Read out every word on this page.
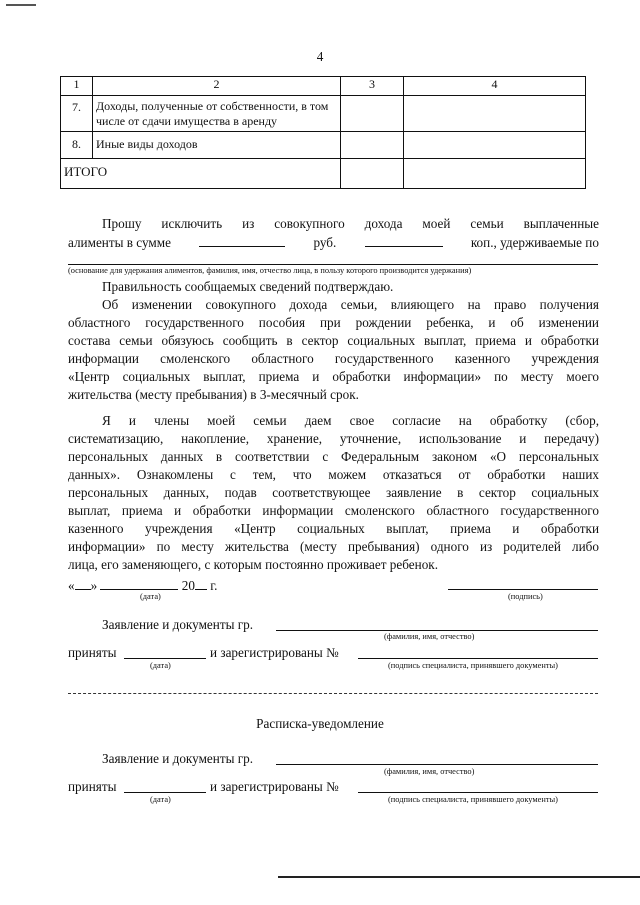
4
1	2	3	4
7.	Доходы, полученные от собственности, в том числе от сдачи имущества в аренду		
8.	Иные виды доходов		
ИТОГО			
Прошу исключить из совокупного дохода моей семьи выплаченные
алименты в сумме	руб.	коп., удерживаемые по
(основание для удержания алиментов, фамилия, имя, отчество лица, в пользу которого производится удержания)
Правильность сообщаемых сведений подтверждаю.
Об изменении совокупного дохода семьи, влияющего на право получения
областного государственного пособия при рождении ребенка, и об изменении
состава семьи обязуюсь сообщить в сектор социальных выплат, приема и обработки
информации смоленского областного государственного казенного учреждения
«Центр социальных выплат, приема и обработки информации» по месту моего
жительства (месту пребывания) в 3-месячный срок.
Я и члены моей семьи даем свое согласие на обработку (сбор,
систематизацию, накопление, хранение, уточнение, использование и передачу)
персональных данных в соответствии с Федеральным законом «О персональных
данных». Ознакомлены с тем, что можем отказаться от обработки наших
персональных данных, подав соответствующее заявление в сектор социальных
выплат, приема и обработки информации смоленского областного государственного
казенного учреждения «Центр социальных выплат, приема и обработки
информации» по месту жительства (месту пребывания) одного из родителей либо
лица, его заменяющего, с которым постоянно проживает ребенок.
« »	20 г.
(дата)	(подпись)
Заявление и документы гр.
(фамилия, имя, отчество)
приняты	и зарегистрированы №
(дата)	(подпись специалиста, принявшего документы)
Расписка-уведомление
Заявление и документы гр.
(фамилия, имя, отчество)
приняты	и зарегистрированы №
(дата)	(подпись специалиста, принявшего документы)
